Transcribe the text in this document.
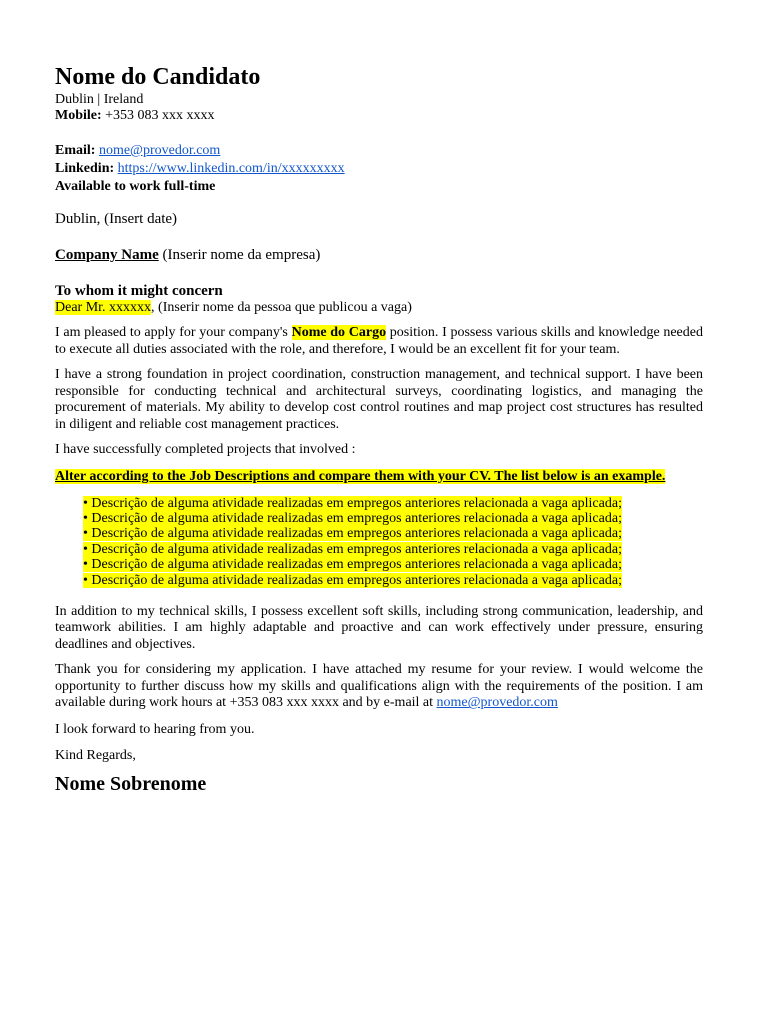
Nome do Candidato

Dublin | Ireland

Mobile: +353 083 xxx xxxx

Email: nome@provedor.com

Linkedin: https://www.linkedin.com/in/xxxxxxxxx

Available to work full-time

Dublin, (Insert date)

Company Name (Inserir nome da empresa)

To whom it might concern

Dear Mr. xxxxxx, (Inserir nome da pessoa que publicou a vaga)

I am pleased to apply for your company's Nome do Cargo position. I possess various skills and knowledge needed to execute all duties associated with the role, and therefore, I would be an excellent fit for your team.

I have a strong foundation in project coordination, construction management, and technical support. I have been responsible for conducting technical and architectural surveys, coordinating logistics, and managing the procurement of materials. My ability to develop cost control routines and map project cost structures has resulted in diligent and reliable cost management practices.

I have successfully completed projects that involved :

Alter according to the Job Descriptions and compare them with your CV. The list below is an example.

• Descrição de alguma atividade realizadas em empregos anteriores relacionada a vaga aplicada;
• Descrição de alguma atividade realizadas em empregos anteriores relacionada a vaga aplicada;
• Descrição de alguma atividade realizadas em empregos anteriores relacionada a vaga aplicada;
• Descrição de alguma atividade realizadas em empregos anteriores relacionada a vaga aplicada;
• Descrição de alguma atividade realizadas em empregos anteriores relacionada a vaga aplicada;
• Descrição de alguma atividade realizadas em empregos anteriores relacionada a vaga aplicada;

In addition to my technical skills, I possess excellent soft skills, including strong communication, leadership, and teamwork abilities. I am highly adaptable and proactive and can work effectively under pressure, ensuring deadlines and objectives.

Thank you for considering my application. I have attached my resume for your review. I would welcome the opportunity to further discuss how my skills and qualifications align with the requirements of the position. I am available during work hours at +353 083 xxx xxxx and by e-mail at nome@provedor.com

I look forward to hearing from you.

Kind Regards,

Nome Sobrenome
